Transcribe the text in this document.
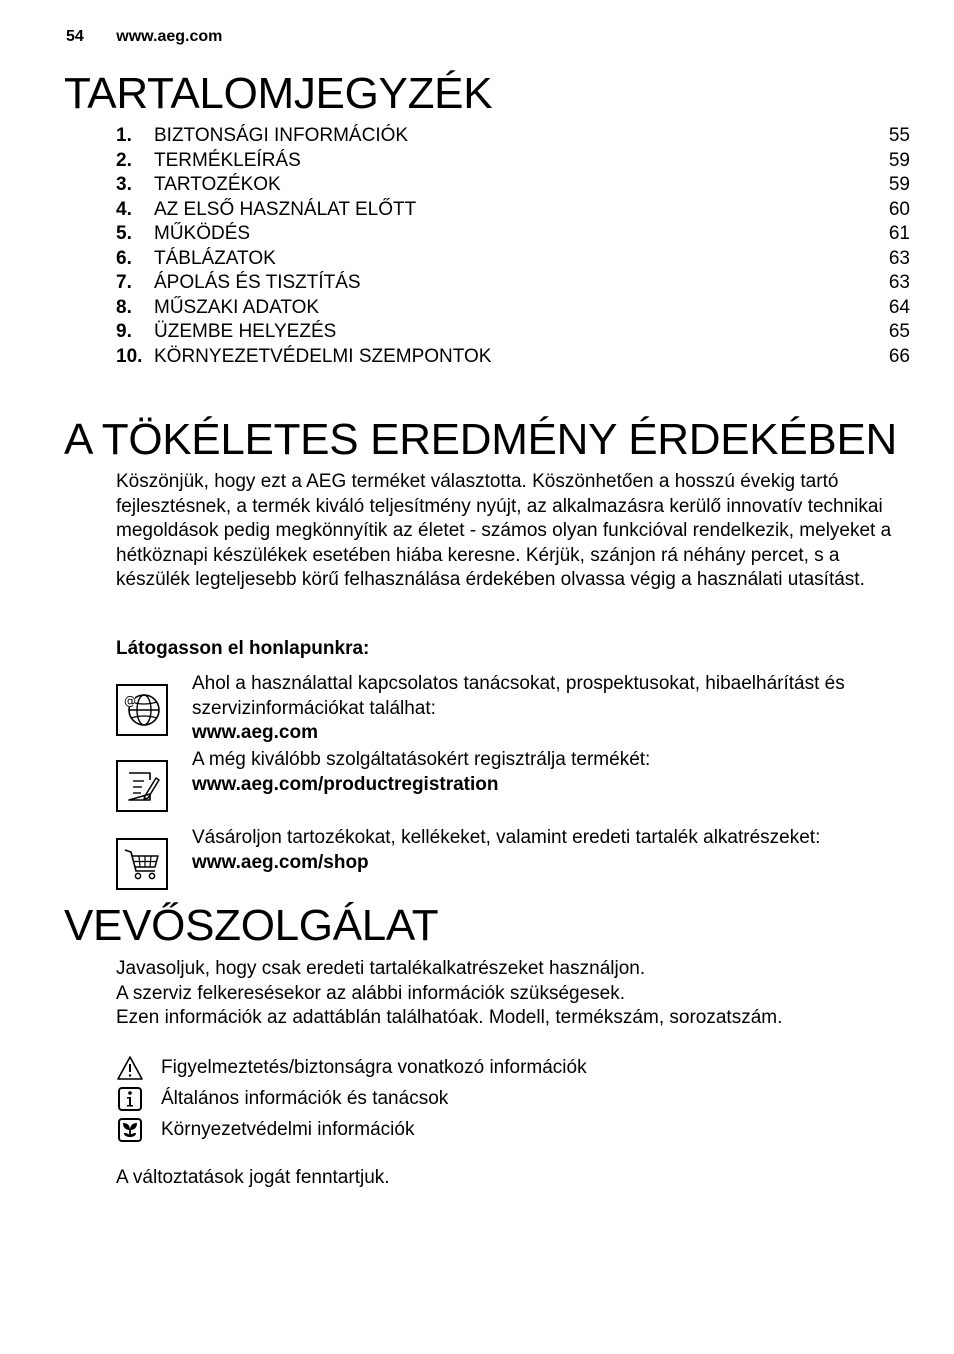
54 www.aeg.com
TARTALOMJEGYZÉK
1.	BIZTONSÁGI INFORMÁCIÓK	55
2.	TERMÉKLEÍRÁS	59
3.	TARTOZÉKOK	59
4.	AZ ELSŐ HASZNÁLAT ELŐTT	60
5.	MŰKÖDÉS	61
6.	TÁBLÁZATOK	63
7.	ÁPOLÁS ÉS TISZTÍTÁS	63
8.	MŰSZAKI ADATOK	64
9.	ÜZEMBE HELYEZÉS	65
10. KÖRNYEZETVÉDELMI SZEMPONTOK	66
A TÖKÉLETES EREDMÉNY ÉRDEKÉBEN

Köszönjük, hogy ezt a AEG terméket választotta. Köszönhetően a hosszú évekig tartó fejlesztésnek, a termék kiváló teljesítmény nyújt, az alkalmazásra kerülő innovatív technikai megoldások pedig megkönnyítik az életet - számos olyan funkcióval rendelkezik, melyeket a hétköznapi készülékek esetében hiába keresne. Kérjük, szánjon rá néhány percet, s a készülék legteljesebb körű felhasználása érdekében olvassa végig a használati utasítást.

Látogasson el honlapunkra:

@
Ahol a használattal kapcsolatos tanácsokat, prospektusokat, hibaelhárítást és szervizinformációkat találhat:
www.aeg.com
A még kiválóbb szolgáltatásokért regisztrálja termékét:
www.aeg.com/productregistration
Vásároljon tartozékokat, kellékeket, valamint eredeti tartalék alkatrészeket:
www.aeg.com/shop
VEVŐSZOLGÁLAT
Javasoljuk, hogy csak eredeti tartalékalkatrészeket használjon.
A szerviz felkeresésekor az alábbi információk szükségesek.
Ezen információk az adattáblán találhatóak. Modell, termékszám, sorozatszám.
Figyelmeztetés/biztonságra vonatkozó információk
Általános információk és tanácsok
Környezetvédelmi információk

A változtatások jogát fenntartjuk.
